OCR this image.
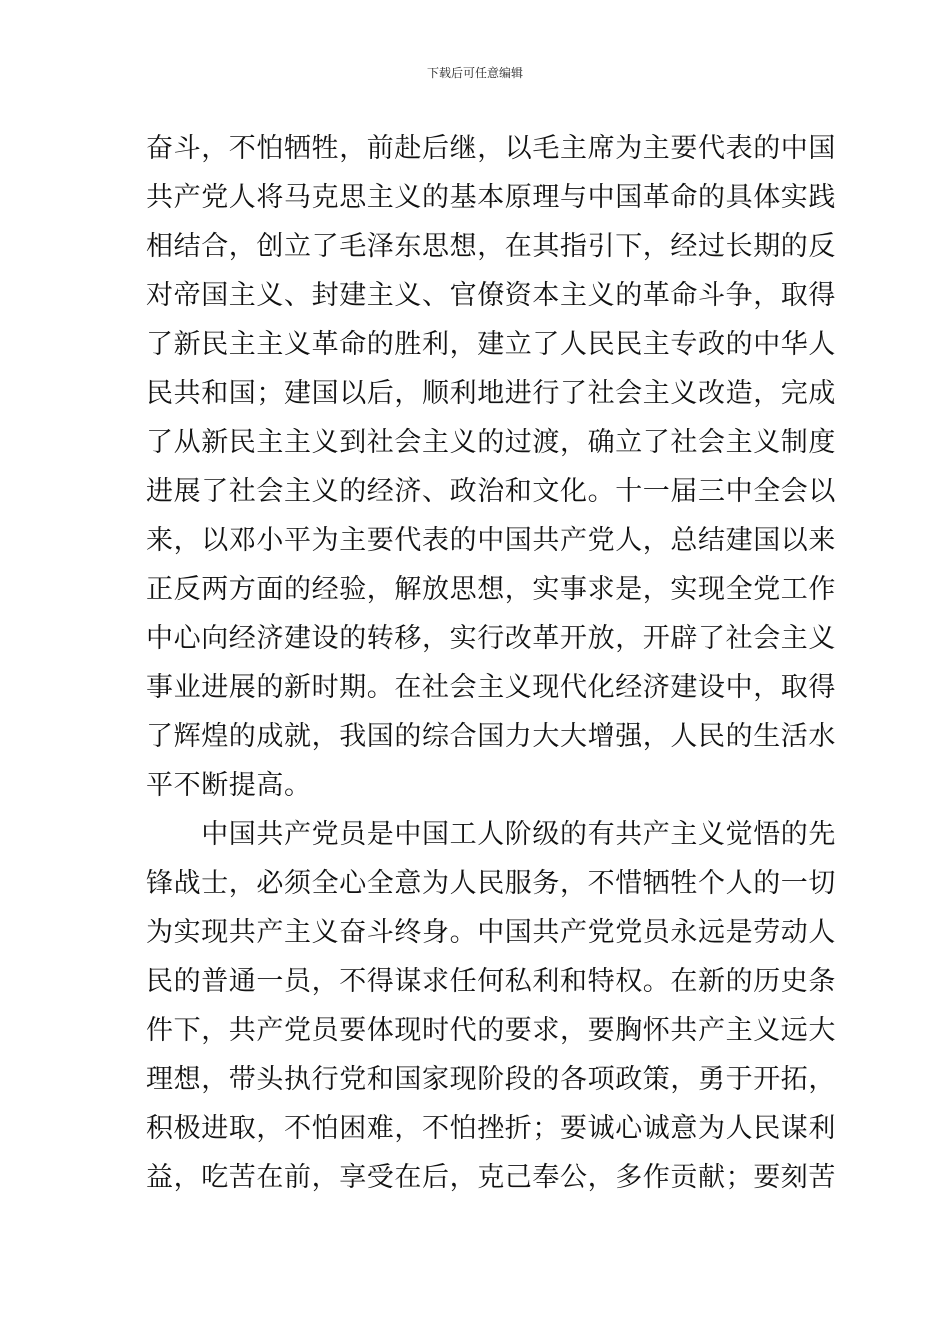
下载后可任意编辑
奋斗，不怕牺牲，前赴后继，以毛主席为主要代表的中国
共产党人将马克思主义的基本原理与中国革命的具体实践
相结合，创立了毛泽东思想，在其指引下，经过长期的反
对帝国主义、封建主义、官僚资本主义的革命斗争，取得
了新民主主义革命的胜利，建立了人民民主专政的中华人
民共和国；建国以后，顺利地进行了社会主义改造，完成
了从新民主主义到社会主义的过渡，确立了社会主义制度
进展了社会主义的经济、政治和文化。十一届三中全会以
来，以邓小平为主要代表的中国共产党人，总结建国以来
正反两方面的经验，解放思想，实事求是，实现全党工作
中心向经济建设的转移，实行改革开放，开辟了社会主义
事业进展的新时期。在社会主义现代化经济建设中，取得
了辉煌的成就，我国的综合国力大大增强，人民的生活水
平不断提高。
　　中国共产党员是中国工人阶级的有共产主义觉悟的先
锋战士，必须全心全意为人民服务，不惜牺牲个人的一切
为实现共产主义奋斗终身。中国共产党党员永远是劳动人
民的普通一员，不得谋求任何私利和特权。在新的历史条
件下，共产党员要体现时代的要求，要胸怀共产主义远大
理想，带头执行党和国家现阶段的各项政策，勇于开拓，
积极进取，不怕困难，不怕挫折；要诚心诚意为人民谋利
益，吃苦在前，享受在后，克己奉公，多作贡献；要刻苦
